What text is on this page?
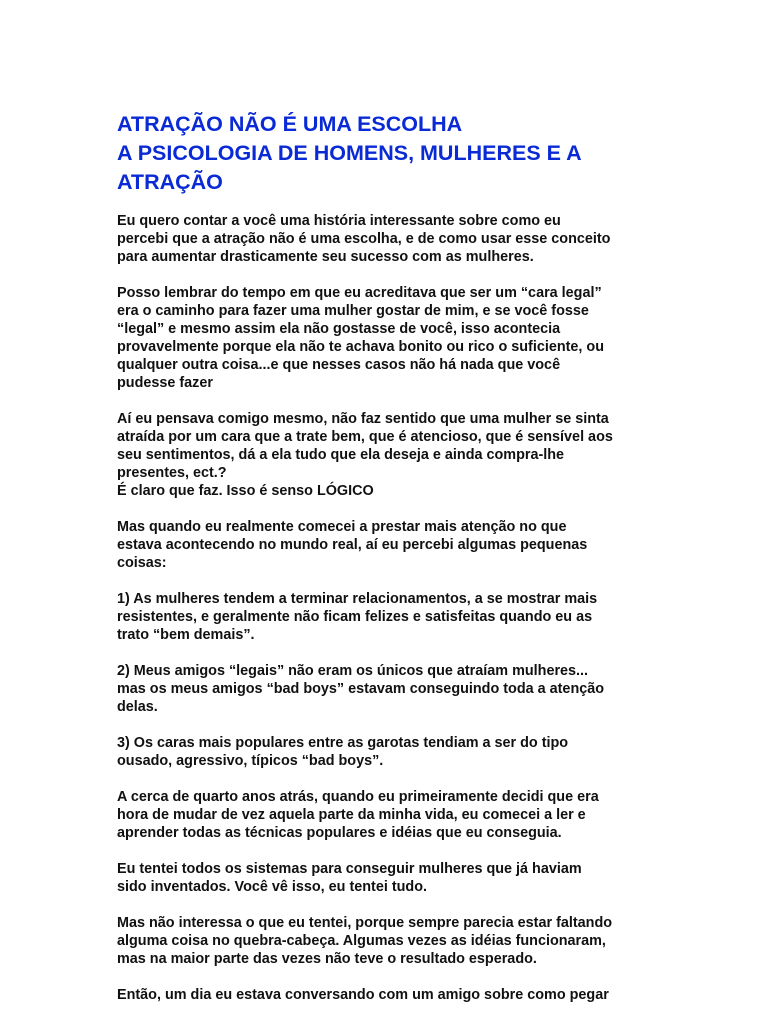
ATRAÇÃO NÃO É UMA ESCOLHA
A PSICOLOGIA DE HOMENS, MULHERES E A
ATRAÇÃO
Eu quero contar a você uma história interessante sobre como eu
percebi que a atração não é uma escolha, e de como usar esse conceito
para aumentar drasticamente seu sucesso com as mulheres.
Posso lembrar do tempo em que eu acreditava que ser um “cara legal”
era o caminho para fazer uma mulher gostar de mim, e se você fosse
“legal” e mesmo assim ela não gostasse de você, isso acontecia
provavelmente porque ela não te achava bonito ou rico o suficiente, ou
qualquer outra coisa...e que nesses casos não há nada que você
pudesse fazer
Aí eu pensava comigo mesmo, não faz sentido que uma mulher se sinta
atraída por um cara que a trate bem, que é atencioso, que é sensível aos
seu sentimentos, dá a ela tudo que ela deseja e ainda compra-lhe
presentes, ect.?
É claro que faz. Isso é senso LÓGICO
Mas quando eu realmente comecei a prestar mais atenção no que
estava acontecendo no mundo real, aí eu percebi algumas pequenas
coisas:
1) As mulheres tendem a terminar relacionamentos, a se mostrar mais
resistentes, e geralmente não ficam felizes e satisfeitas quando eu as
trato “bem demais”.
2) Meus amigos “legais” não eram os únicos que atraíam mulheres...
mas os meus amigos “bad boys” estavam conseguindo toda a atenção
delas.
3) Os caras mais populares entre as garotas tendiam a ser do tipo
ousado, agressivo, típicos “bad boys”.
A cerca de quarto anos atrás, quando eu primeiramente decidi que era
hora de mudar de vez aquela parte da minha vida, eu comecei a ler e
aprender todas as técnicas populares e idéias que eu conseguia.
Eu tentei todos os sistemas para conseguir mulheres que já haviam
sido inventados. Você vê isso, eu tentei tudo.
Mas não interessa o que eu tentei, porque sempre parecia estar faltando
alguma coisa no quebra-cabeça. Algumas vezes as idéias funcionaram,
mas na maior parte das vezes não teve o resultado esperado.
Então, um dia eu estava conversando com um amigo sobre como pegar
